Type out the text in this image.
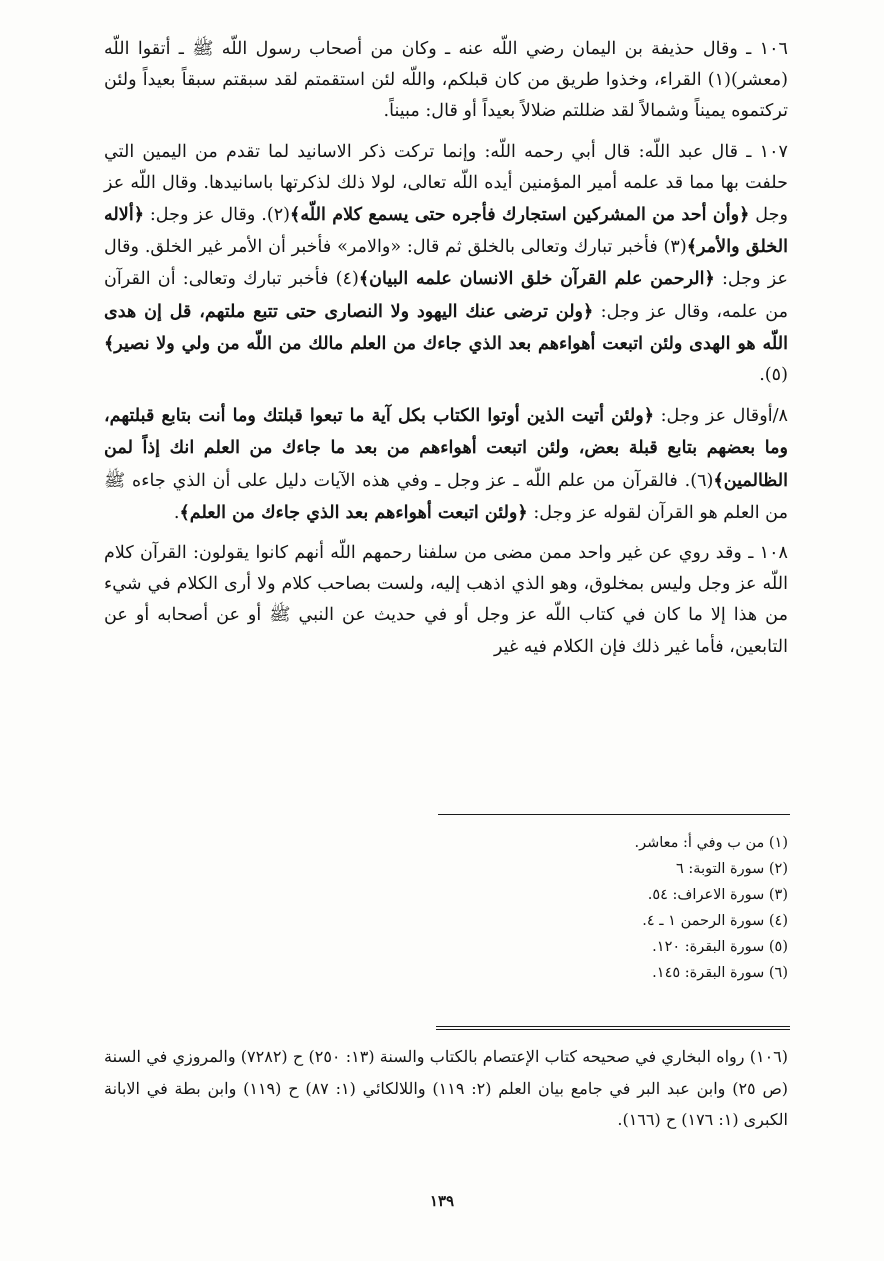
١٠٦ ـ وقال حذيفة بن اليمان رضي اللّه عنه ـ وكان من أصحاب رسول اللّه ﷺ ـ أتقوا اللّه (معشر)(١) القراء، وخذوا طريق من كان قبلكم، واللّه لئن استقمتم لقد سبقتم سبقاً بعيداً ولئن تركتموه يميناً وشمالاً لقد ضللتم ضلالاً بعيداً أو قال: مبيناً.

١٠٧ ـ قال عبد اللّه: قال أبي رحمه اللّه: وإنما تركت ذكر الاسانيد لما تقدم من اليمين التي حلفت بها مما قد علمه أمير المؤمنين أيده اللّه تعالى، لولا ذلك لذكرتها باسانيدها. وقال اللّه عز وجل ﴿وأن أحد من المشركين استجارك فأجره حتى يسمع كلام اللّه﴾(٢). وقال عز وجل: ﴿ألاله الخلق والأمر﴾(٣) فأخبر تبارك وتعالى بالخلق ثم قال: «والامر» فأخبر أن الأمر غير الخلق. وقال عز وجل: ﴿الرحمن علم القرآن خلق الانسان علمه البيان﴾(٤) فأخبر تبارك وتعالى: أن القرآن من علمه، وقال عز وجل: ﴿ولن ترضى عنك اليهود ولا النصارى حتى تتبع ملتهم، قل إن هدى اللّه هو الهدى ولئن اتبعت أهواءهم بعد الذي جاءك من العلم مالك من اللّه من ولي ولا نصير﴾(٥).

٨/أوقال عز وجل: ﴿ولئن أتيت الذين أوتوا الكتاب بكل آية ما تبعوا قبلتك وما أنت بتابع قبلتهم، وما بعضهم بتابع قبلة بعض، ولئن اتبعت أهواءهم من بعد ما جاءك من العلم انك إذاً لمن الظالمين﴾(٦). فالقرآن من علم اللّه ـ عز وجل ـ وفي هذه الآيات دليل على أن الذي جاءه ﷺ من العلم هو القرآن لقوله عز وجل: ﴿ولئن اتبعت أهواءهم بعد الذي جاءك من العلم﴾.

١٠٨ ـ وقد روي عن غير واحد ممن مضى من سلفنا رحمهم اللّه أنهم كانوا يقولون: القرآن كلام اللّه عز وجل وليس بمخلوق، وهو الذي اذهب إليه، ولست بصاحب كلام ولا أرى الكلام في شيء من هذا إلا ما كان في كتاب اللّه عز وجل أو في حديث عن النبي ﷺ أو عن أصحابه أو عن التابعين، فأما غير ذلك فإن الكلام فيه غير

(١) من ب وفي أ: معاشر.
(٢) سورة التوبة: ٦
(٣) سورة الاعراف: ٥٤.
(٤) سورة الرحمن ١ ـ ٤.
(٥) سورة البقرة: ١٢٠.
(٦) سورة البقرة: ١٤٥.
(١٠٦) رواه البخاري في صحيحه كتاب الإعتصام بالكتاب والسنة (١٣: ٢٥٠) ح (٧٢٨٢) والمروزي في السنة (ص ٢٥) وابن عبد البر في جامع بيان العلم (٢: ١١٩) واللالكائي (١: ٨٧) ح (١١٩) وابن بطة في الابانة الكبرى (١: ١٧٦) ح (١٦٦).
١٣٩
